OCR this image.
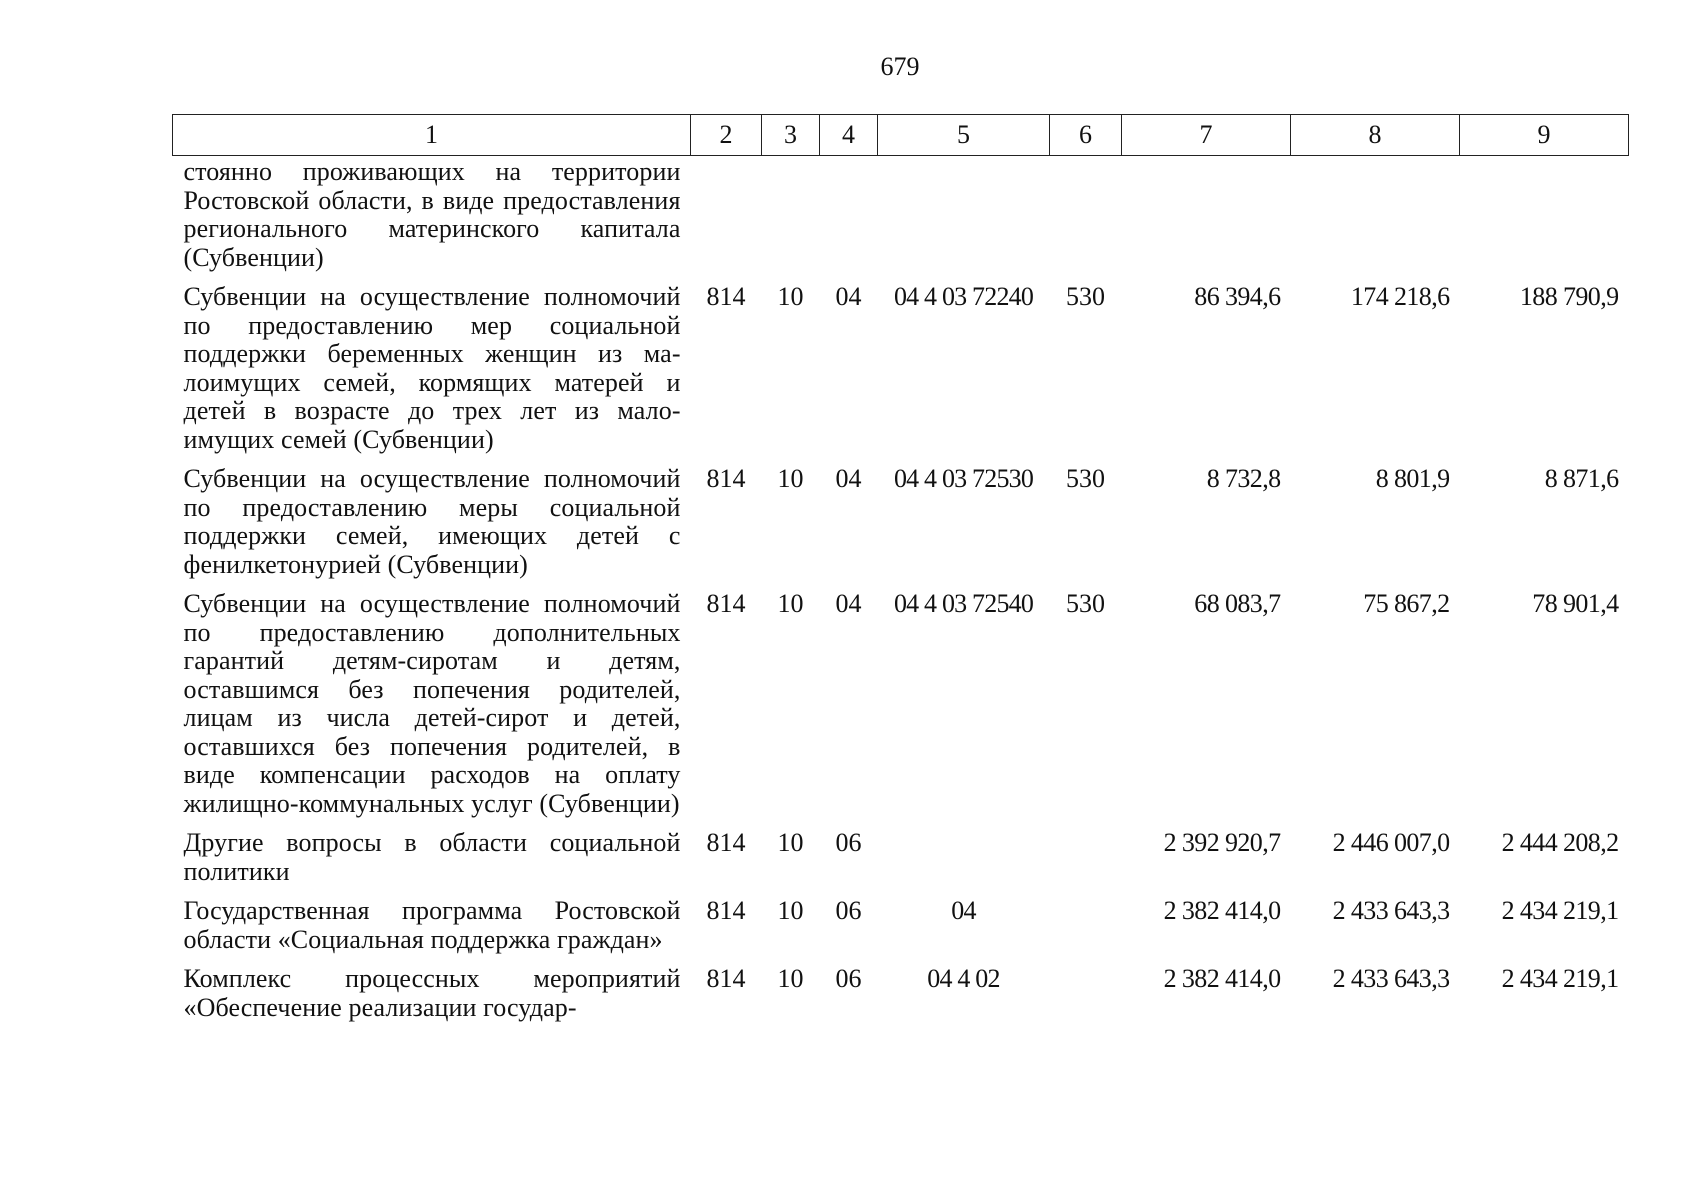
679
1	2	3	4	5	6	7	8	9
стоянно проживающих на территории Ростовской области, в виде предоставления регионального материнского капитала (Субвенции)								
Субвенции на осуществление полномочий по предоставлению мер социальной поддержки беременных женщин из малоимущих семей, кормящих матерей и детей в возрасте до трех лет из малоимущих семей (Субвенции)	814	10	04	04 4 03 72240	530	86 394,6	174 218,6	188 790,9
Субвенции на осуществление полномочий по предоставлению меры социальной поддержки семей, имеющих детей с фенилкетонурией (Субвенции)	814	10	04	04 4 03 72530	530	8 732,8	8 801,9	8 871,6
Субвенции на осуществление полномочий по предоставлению дополнительных гарантий детям-сиротам и детям, оставшимся без попечения родителей, лицам из числа детей-сирот и детей, оставшихся без попечения родителей, в виде компенсации расходов на оплату жилищно-коммунальных услуг (Субвенции)	814	10	04	04 4 03 72540	530	68 083,7	75 867,2	78 901,4
Другие вопросы в области социальной политики	814	10	06			2 392 920,7	2 446 007,0	2 444 208,2
Государственная программа Ростовской области «Социальная поддержка граждан»	814	10	06	04		2 382 414,0	2 433 643,3	2 434 219,1
Комплекс процессных мероприятий «Обеспечение реализации государ-	814	10	06	04 4 02		2 382 414,0	2 433 643,3	2 434 219,1
